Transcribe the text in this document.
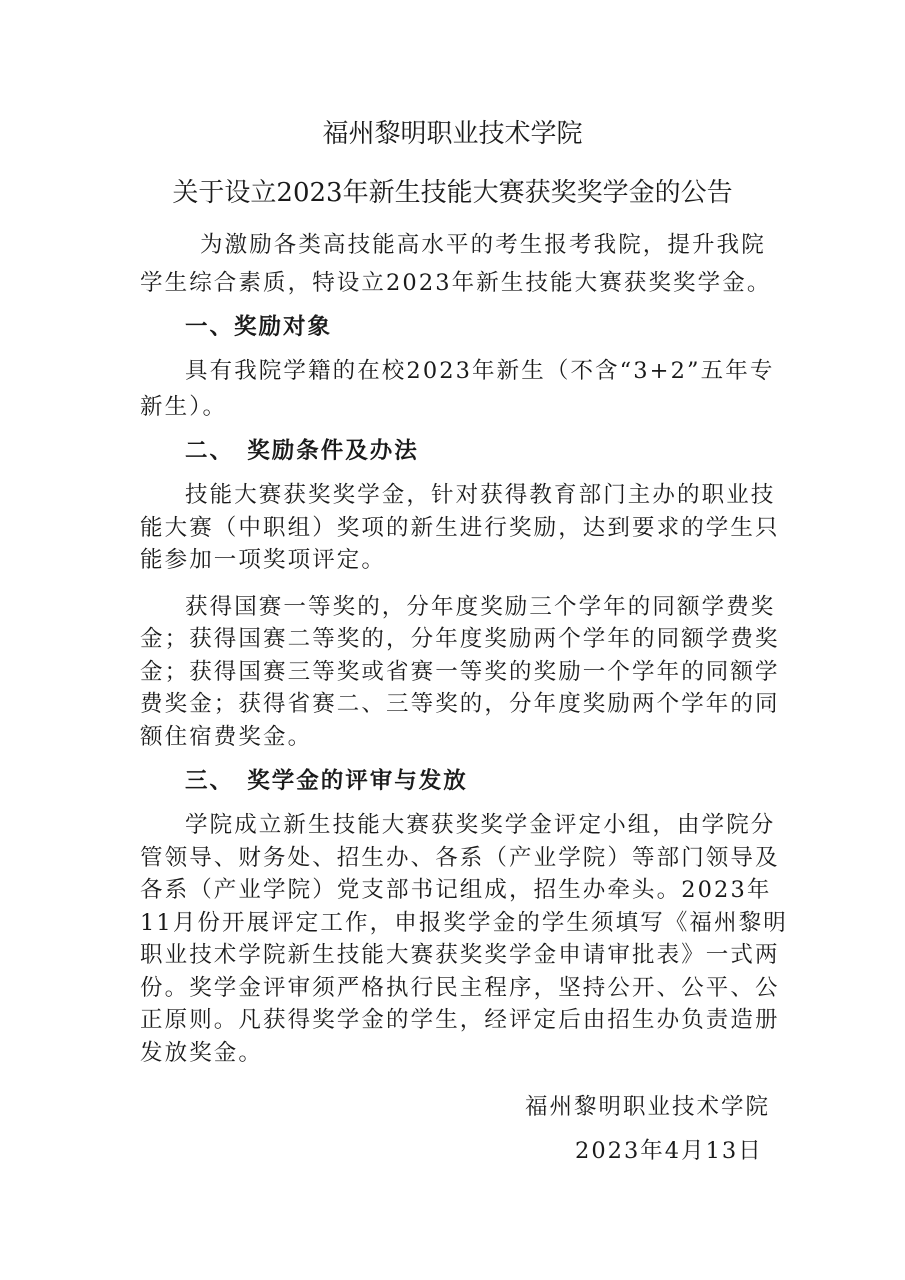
福州黎明职业技术学院
关于设立2023年新生技能大赛获奖奖学金的公告
为激励各类高技能高水平的考生报考我院，提升我院
学生综合素质，特设立2023年新生技能大赛获奖奖学金。
一、奖励对象
具有我院学籍的在校2023年新生（不含“3+2”五年专
新生）。
二、　奖励条件及办法
技能大赛获奖奖学金，针对获得教育部门主办的职业技
能大赛（中职组）奖项的新生进行奖励，达到要求的学生只
能参加一项奖项评定。
获得国赛一等奖的，分年度奖励三个学年的同额学费奖
金；获得国赛二等奖的，分年度奖励两个学年的同额学费奖
金；获得国赛三等奖或省赛一等奖的奖励一个学年的同额学
费奖金；获得省赛二、三等奖的，分年度奖励两个学年的同
额住宿费奖金。
三、　奖学金的评审与发放
学院成立新生技能大赛获奖奖学金评定小组，由学院分
管领导、财务处、招生办、各系（产业学院）等部门领导及
各系（产业学院）党支部书记组成，招生办牵头。2023年
11月份开展评定工作，申报奖学金的学生须填写《福州黎明
职业技术学院新生技能大赛获奖奖学金申请审批表》一式两
份。奖学金评审须严格执行民主程序，坚持公开、公平、公
正原则。凡获得奖学金的学生，经评定后由招生办负责造册
发放奖金。
福州黎明职业技术学院
2023年4月13日
